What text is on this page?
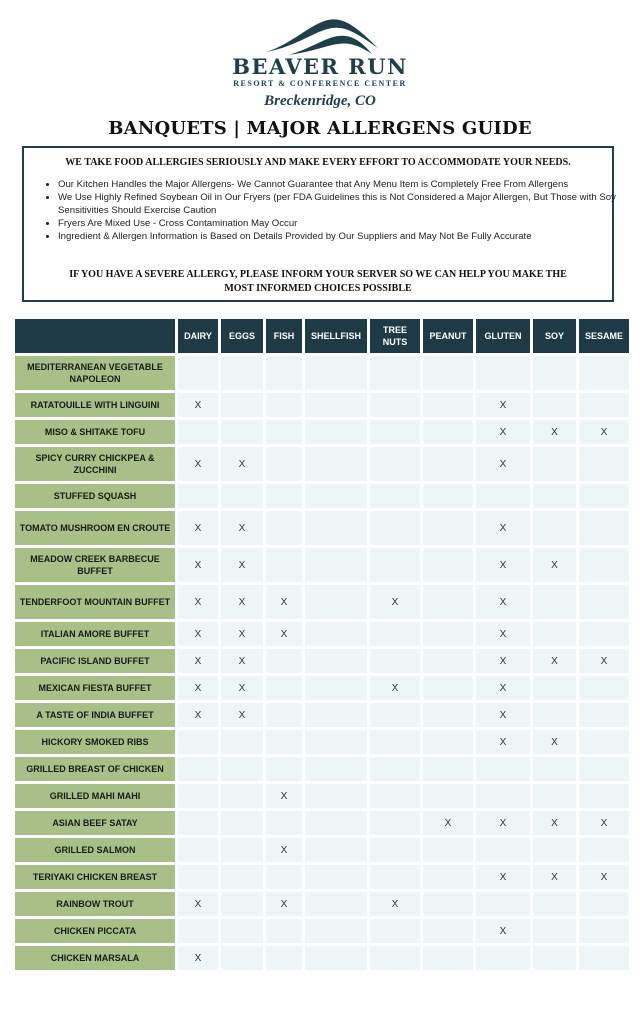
BEAVER RUN
RESORT & CONFERENCE CENTER
Breckenridge, CO
BANQUETS | MAJOR ALLERGENS GUIDE
WE TAKE FOOD ALLERGIES SERIOUSLY AND MAKE EVERY EFFORT TO ACCOMMODATE YOUR NEEDS.
• Our Kitchen Handles the Major Allergens- We Cannot Guarantee that Any Menu Item is Completely Free From Allergens
• We Use Highly Refined Soybean Oil in Our Fryers (per FDA Guidelines this is Not Considered a Major Allergen, But Those with Soy Sensitivities Should Exercise Caution
• Fryers Are Mixed Use - Cross Contamination May Occur
• Ingredient & Allergen Information is Based on Details Provided by Our Suppliers and May Not Be Fully Accurate
IF YOU HAVE A SEVERE ALLERGY, PLEASE INFORM YOUR SERVER SO WE CAN HELP YOU MAKE THE MOST INFORMED CHOICES POSSIBLE
	DAIRY	EGGS	FISH	SHELLFISH	TREE NUTS	PEANUT	GLUTEN	SOY	SESAME
MEDITERRANEAN VEGETABLE NAPOLEON									
RATATOUILLE WITH LINGUINI	X						X		
MISO & SHITAKE TOFU							X	X	X
SPICY CURRY CHICKPEA & ZUCCHINI	X	X					X		
STUFFED SQUASH									
TOMATO MUSHROOM EN CROUTE	X	X					X		
MEADOW CREEK BARBECUE BUFFET	X	X					X	X	
TENDERFOOT MOUNTAIN BUFFET	X	X	X		X		X		
ITALIAN AMORE BUFFET	X	X	X				X		
PACIFIC ISLAND BUFFET	X	X					X	X	X
MEXICAN FIESTA BUFFET	X	X			X		X		
A TASTE OF INDIA BUFFET	X	X					X		
HICKORY SMOKED RIBS							X	X	
GRILLED BREAST OF CHICKEN									
GRILLED MAHI MAHI			X						
ASIAN BEEF SATAY						X	X	X	X
GRILLED SALMON			X						
TERIYAKI CHICKEN BREAST							X	X	X
RAINBOW TROUT	X		X		X				
CHICKEN PICCATA							X		
CHICKEN MARSALA	X								
